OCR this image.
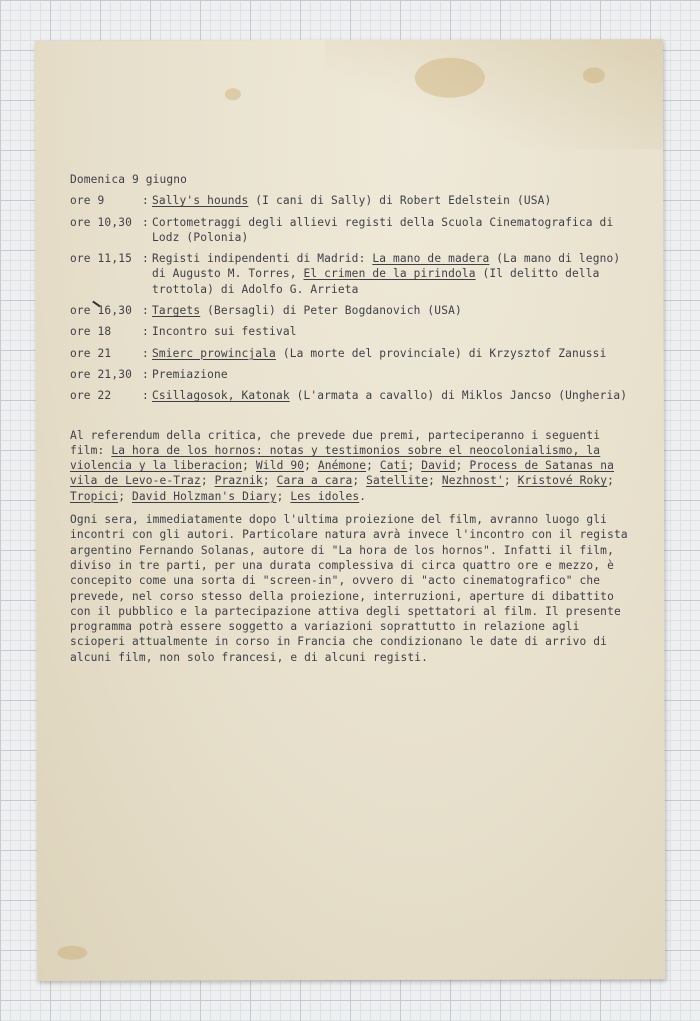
Domenica 9 giugno
ore 9	: Sally's hounds (I cani di Sally) di Robert Edelstein (USA)
ore 10,30 : Cortometraggi degli allievi registi della Scuola Cinematografica di Lodz (Polonia)
ore 11,15 : Registi indipendenti di Madrid: La mano de madera (La mano di legno) di Augusto M. Torres, El crimen de la pirindola (Il delitto della trottola) di Adolfo G. Arrieta
ore 16,30 : Targets (Bersagli) di Peter Bogdanovich (USA)
ore 18	: Incontro sui festival
ore 21	: Smierc prowincjala (La morte del provinciale) di Krzysztof Zanussi
ore 21,30 : Premiazione
ore 22	: Csillagosok, Katonak (L'armata a cavallo) di Miklos Jancso (Ungheria)

Al referendum della critica, che prevede due premi, parteciperanno i seguenti film: La hora de los hornos: notas y testimonios sobre el neocolonialismo, la violencia y la liberacion; Wild 90; Anémone; Cati; David; Process de Satanas na vila de Levo-e-Traz; Praznik; Cara a cara; Satellite; Nezhnost'; Kristové Roky; Tropici; David Holzman's Diary; Les idoles.

Ogni sera, immediatamente dopo l'ultima proiezione del film, avranno luogo gli incontri con gli autori. Particolare natura avrà invece l'incontro con il regista argentino Fernando Solanas, autore di "La hora de los hornos". Infatti il film, diviso in tre parti, per una durata complessiva di circa quattro ore e mezzo, è concepito come una sorta di "screen-in", ovvero di "acto cinematografico" che prevede, nel corso stesso della proiezione, interruzioni, aperture di dibattito con il pubblico e la partecipazione attiva degli spettatori al film. Il presente programma potrà essere soggetto a variazioni soprattutto in relazione agli scioperi attualmente in corso in Francia che condizionano le date di arrivo di alcuni film, non solo francesi, e di alcuni registi.
